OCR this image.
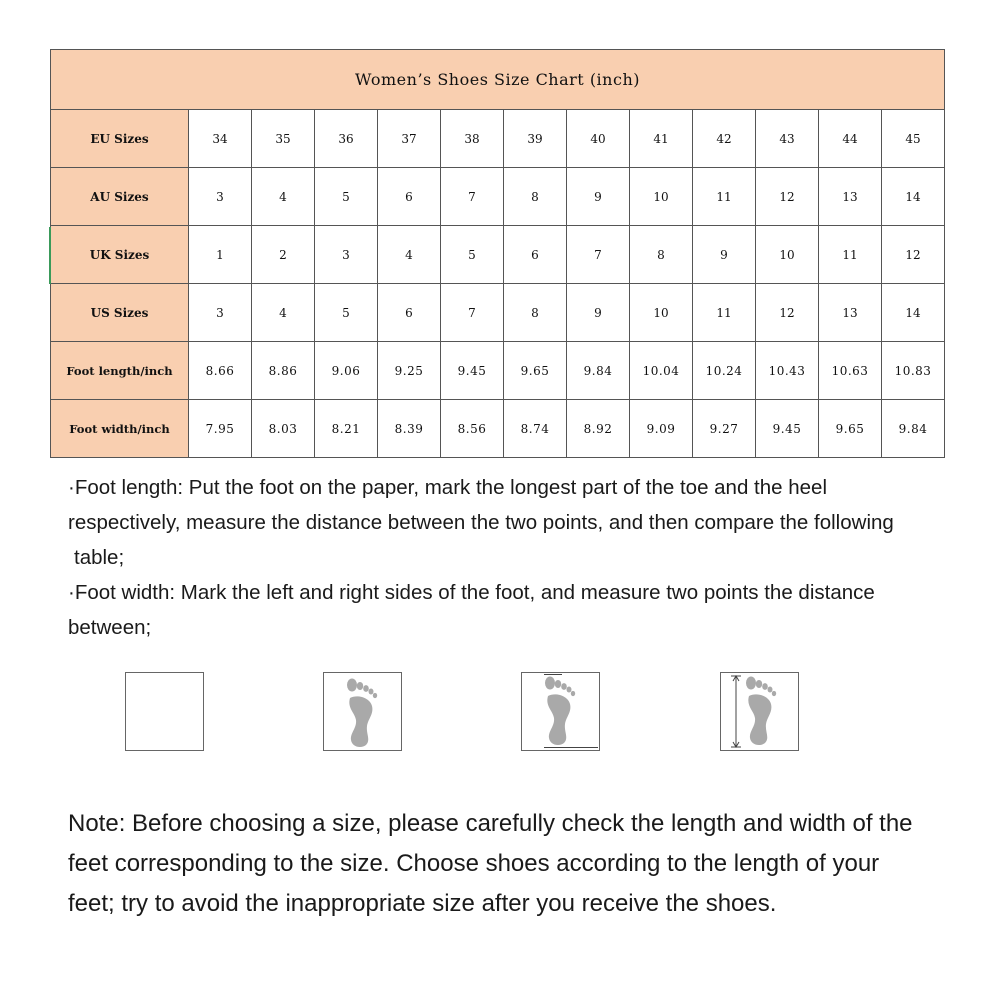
Women’s Shoes Size Chart (inch)												
EU Sizes	34	35	36	37	38	39	40	41	42	43	44	45
AU Sizes	3	4	5	6	7	8	9	10	11	12	13	14
UK Sizes	1	2	3	4	5	6	7	8	9	10	11	12
US Sizes	3	4	5	6	7	8	9	10	11	12	13	14
Foot length/inch	8.66	8.86	9.06	9.25	9.45	9.65	9.84	10.04	10.24	10.43	10.63	10.83
Foot width/inch	7.95	8.03	8.21	8.39	8.56	8.74	8.92	9.09	9.27	9.45	9.65	9.84

·Foot length: Put the foot on the paper, mark the longest part of the toe and the heel

respectively, measure the distance between the two points, and then compare the following

table;

·Foot width: Mark the left and right sides of the foot, and measure two points the distance

between;

Note: Before choosing a size, please carefully check the length and width of the
feet corresponding to the size. Choose shoes according to the length of your
feet; try to avoid the inappropriate size after you receive the shoes.
